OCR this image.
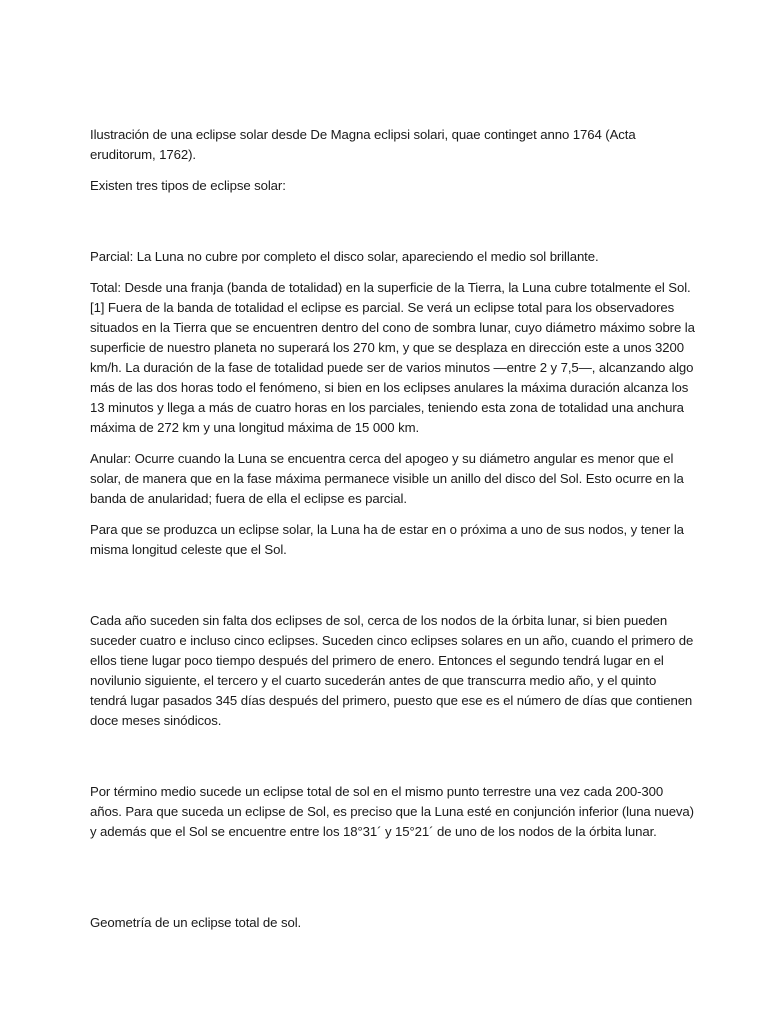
Ilustración de una eclipse solar desde De Magna eclipsi solari, quae continget anno 1764 (Acta eruditorum, 1762).

Existen tres tipos de eclipse solar:

Parcial: La Luna no cubre por completo el disco solar, apareciendo el medio sol brillante.

Total: Desde una franja (banda de totalidad) en la superficie de la Tierra, la Luna cubre totalmente el Sol.[1] Fuera de la banda de totalidad el eclipse es parcial. Se verá un eclipse total para los observadores situados en la Tierra que se encuentren dentro del cono de sombra lunar, cuyo diámetro máximo sobre la superficie de nuestro planeta no superará los 270 km, y que se desplaza en dirección este a unos 3200 km/h. La duración de la fase de totalidad puede ser de varios minutos —entre 2 y 7,5—, alcanzando algo más de las dos horas todo el fenómeno, si bien en los eclipses anulares la máxima duración alcanza los 13 minutos y llega a más de cuatro horas en los parciales, teniendo esta zona de totalidad una anchura máxima de 272 km y una longitud máxima de 15 000 km.

Anular: Ocurre cuando la Luna se encuentra cerca del apogeo y su diámetro angular es menor que el solar, de manera que en la fase máxima permanece visible un anillo del disco del Sol. Esto ocurre en la banda de anularidad; fuera de ella el eclipse es parcial.

Para que se produzca un eclipse solar, la Luna ha de estar en o próxima a uno de sus nodos, y tener la misma longitud celeste que el Sol.

Cada año suceden sin falta dos eclipses de sol, cerca de los nodos de la órbita lunar, si bien pueden suceder cuatro e incluso cinco eclipses. Suceden cinco eclipses solares en un año, cuando el primero de ellos tiene lugar poco tiempo después del primero de enero. Entonces el segundo tendrá lugar en el novilunio siguiente, el tercero y el cuarto sucederán antes de que transcurra medio año, y el quinto tendrá lugar pasados 345 días después del primero, puesto que ese es el número de días que contienen doce meses sinódicos.

Por término medio sucede un eclipse total de sol en el mismo punto terrestre una vez cada 200-300 años. Para que suceda un eclipse de Sol, es preciso que la Luna esté en conjunción inferior (luna nueva) y además que el Sol se encuentre entre los 18°31´ y 15°21´ de uno de los nodos de la órbita lunar.

Geometría de un eclipse total de sol.
